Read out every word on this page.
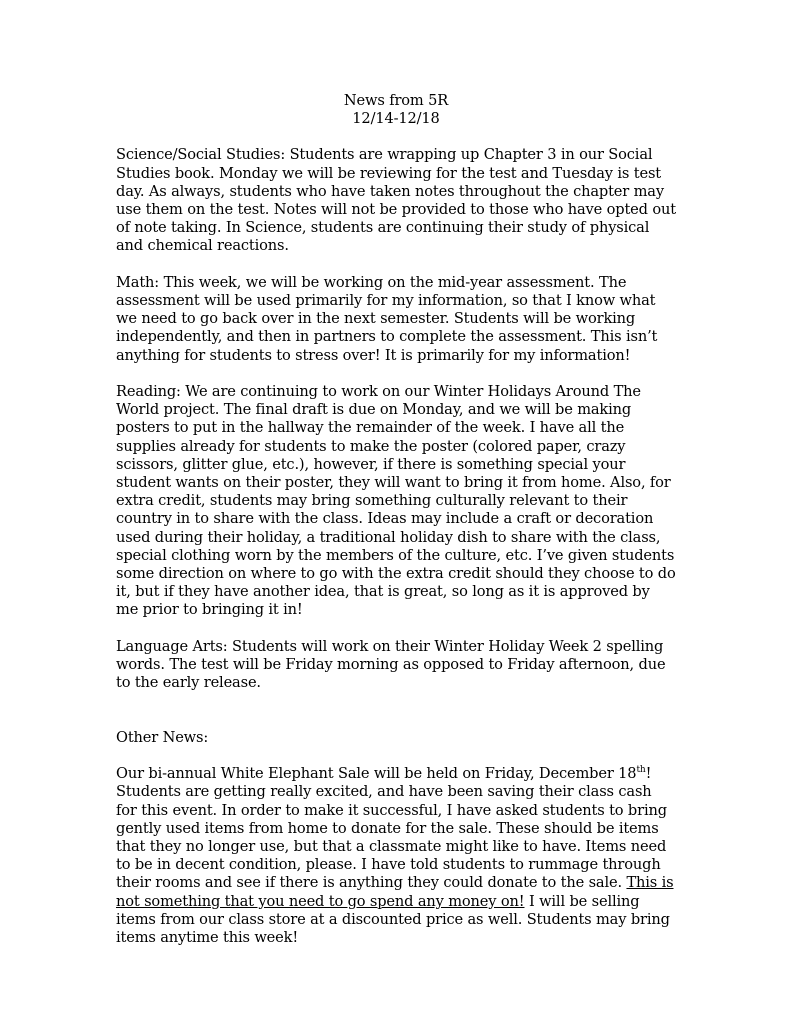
News from 5R
12/14-12/18

Science/Social Studies: Students are wrapping up Chapter 3 in our Social Studies book. Monday we will be reviewing for the test and Tuesday is test day. As always, students who have taken notes throughout the chapter may use them on the test. Notes will not be provided to those who have opted out of note taking. In Science, students are continuing their study of physical and chemical reactions.

Math: This week, we will be working on the mid-year assessment. The assessment will be used primarily for my information, so that I know what we need to go back over in the next semester. Students will be working independently, and then in partners to complete the assessment. This isn’t anything for students to stress over! It is primarily for my information!

Reading: We are continuing to work on our Winter Holidays Around The World project. The final draft is due on Monday, and we will be making posters to put in the hallway the remainder of the week. I have all the supplies already for students to make the poster (colored paper, crazy scissors, glitter glue, etc.), however, if there is something special your student wants on their poster, they will want to bring it from home. Also, for extra credit, students may bring something culturally relevant to their country in to share with the class. Ideas may include a craft or decoration used during their holiday, a traditional holiday dish to share with the class, special clothing worn by the members of the culture, etc. I’ve given students some direction on where to go with the extra credit should they choose to do it, but if they have another idea, that is great, so long as it is approved by me prior to bringing it in!

Language Arts: Students will work on their Winter Holiday Week 2 spelling words. The test will be Friday morning as opposed to Friday afternoon, due to the early release.

Other News:

Our bi-annual White Elephant Sale will be held on Friday, December 18th! Students are getting really excited, and have been saving their class cash for this event. In order to make it successful, I have asked students to bring gently used items from home to donate for the sale. These should be items that they no longer use, but that a classmate might like to have. Items need to be in decent condition, please. I have told students to rummage through their rooms and see if there is anything they could donate to the sale. This is not something that you need to go spend any money on! I will be selling items from our class store at a discounted price as well. Students may bring items anytime this week!
